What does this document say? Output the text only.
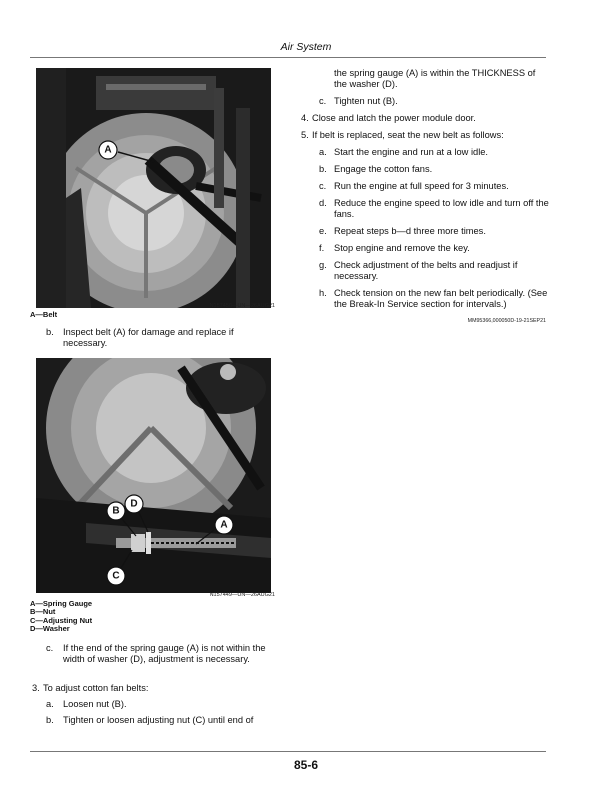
Air System
A
N157450—UN—26AUG21
A—Belt
b. Inspect belt (A) for damage and replace if necessary.
A
B
C
D
N157449—UN—26AUG21
A—Spring Gauge
B—Nut
C—Adjusting Nut
D—Washer
c. If the end of the spring gauge (A) is not within the width of washer (D), adjustment is necessary.
3. To adjust cotton fan belts:
a. Loosen nut (B).
b. Tighten or loosen adjusting nut (C) until end of
the spring gauge (A) is within the THICKNESS of the washer (D).
c. Tighten nut (B).
4. Close and latch the power module door.
5. If belt is replaced, seat the new belt as follows:
a. Start the engine and run at a low idle.
b. Engage the cotton fans.
c. Run the engine at full speed for 3 minutes.
d. Reduce the engine speed to low idle and turn off the fans.
e. Repeat steps b—d three more times.
f. Stop engine and remove the key.
g. Check adjustment of the belts and readjust if necessary.
h. Check tension on the new fan belt periodically. (See the Break-In Service section for intervals.)
MM95366,000050D-19-21SEP21
85-6
